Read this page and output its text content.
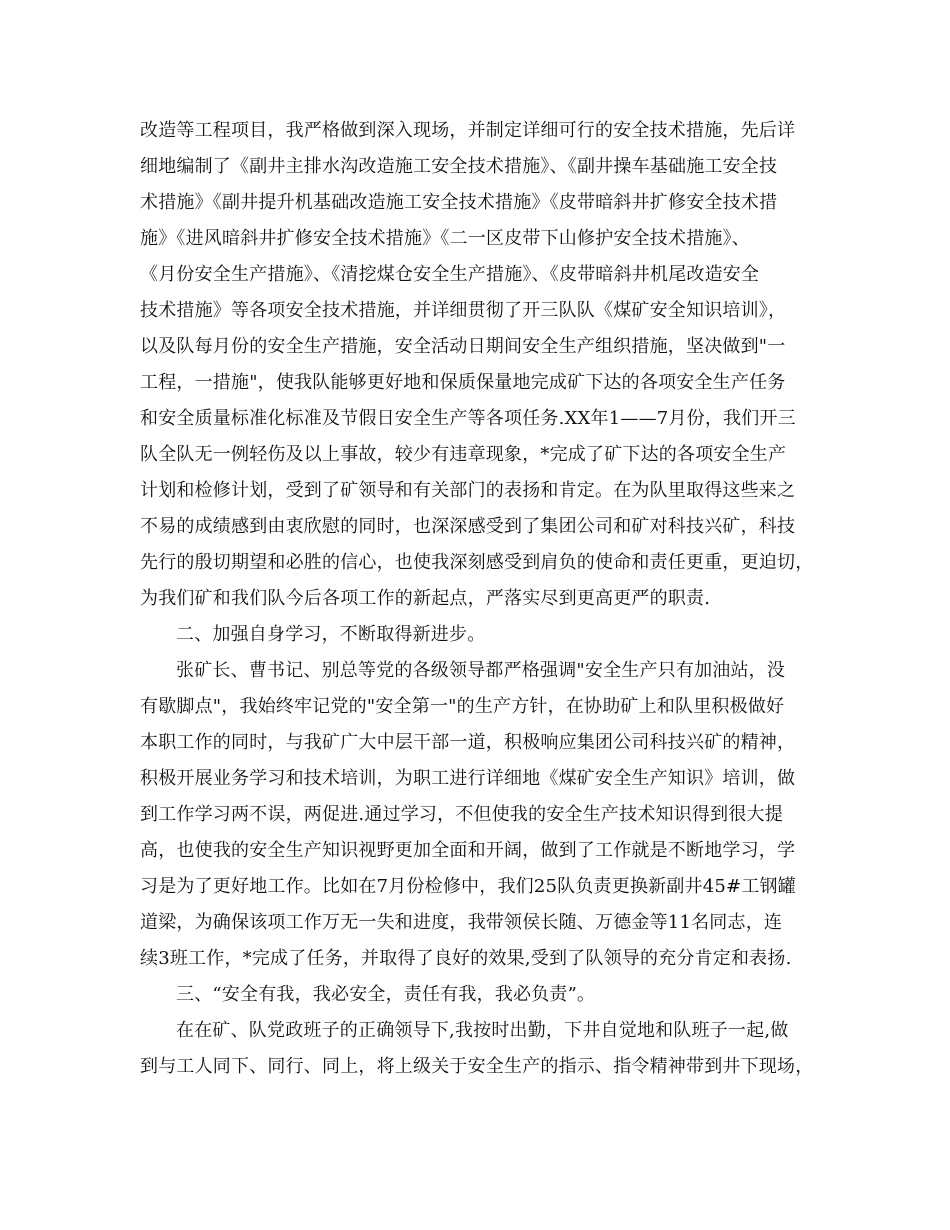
改造等工程项目，我严格做到深入现场，并制定详细可行的安全技术措施，先后详
细地编制了《副井主排水沟改造施工安全技术措施》、《副井操车基础施工安全技
术措施》《副井提升机基础改造施工安全技术措施》《皮带暗斜井扩修安全技术措
施》《进风暗斜井扩修安全技术措施》《二一区皮带下山修护安全技术措施》、
《月份安全生产措施》、《清挖煤仓安全生产措施》、《皮带暗斜井机尾改造安全
技术措施》等各项安全技术措施，并详细贯彻了开三队队《煤矿安全知识培训》，
以及队每月份的安全生产措施，安全活动日期间安全生产组织措施，坚决做到"一
工程，一措施"，使我队能够更好地和保质保量地完成矿下达的各项安全生产任务
和安全质量标准化标准及节假日安全生产等各项任务.XX年1——7月份，我们开三
队全队无一例轻伤及以上事故，较少有违章现象，*完成了矿下达的各项安全生产
计划和检修计划，受到了矿领导和有关部门的表扬和肯定。在为队里取得这些来之
不易的成绩感到由衷欣慰的同时，也深深感受到了集团公司和矿对科技兴矿，科技
先行的殷切期望和必胜的信心，也使我深刻感受到肩负的使命和责任更重，更迫切，
为我们矿和我们队今后各项工作的新起点，严落实尽到更高更严的职责.
二、加强自身学习，不断取得新进步。
张矿长、曹书记、别总等党的各级领导都严格强调"安全生产只有加油站，没
有歇脚点"，我始终牢记党的"安全第一"的生产方针，在协助矿上和队里积极做好
本职工作的同时，与我矿广大中层干部一道，积极响应集团公司科技兴矿的精神，
积极开展业务学习和技术培训，为职工进行详细地《煤矿安全生产知识》培训，做
到工作学习两不误，两促进.通过学习，不但使我的安全生产技术知识得到很大提
高，也使我的安全生产知识视野更加全面和开阔，做到了工作就是不断地学习，学
习是为了更好地工作。比如在7月份检修中，我们25队负责更换新副井45#工钢罐
道梁，为确保该项工作万无一失和进度，我带领侯长随、万德金等11名同志，连
续3班工作，*完成了任务，并取得了良好的效果,受到了队领导的充分肯定和表扬.
三、“安全有我，我必安全，责任有我，我必负责”。
在在矿、队党政班子的正确领导下,我按时出勤，下井自觉地和队班子一起,做
到与工人同下、同行、同上，将上级关于安全生产的指示、指令精神带到井下现场，
